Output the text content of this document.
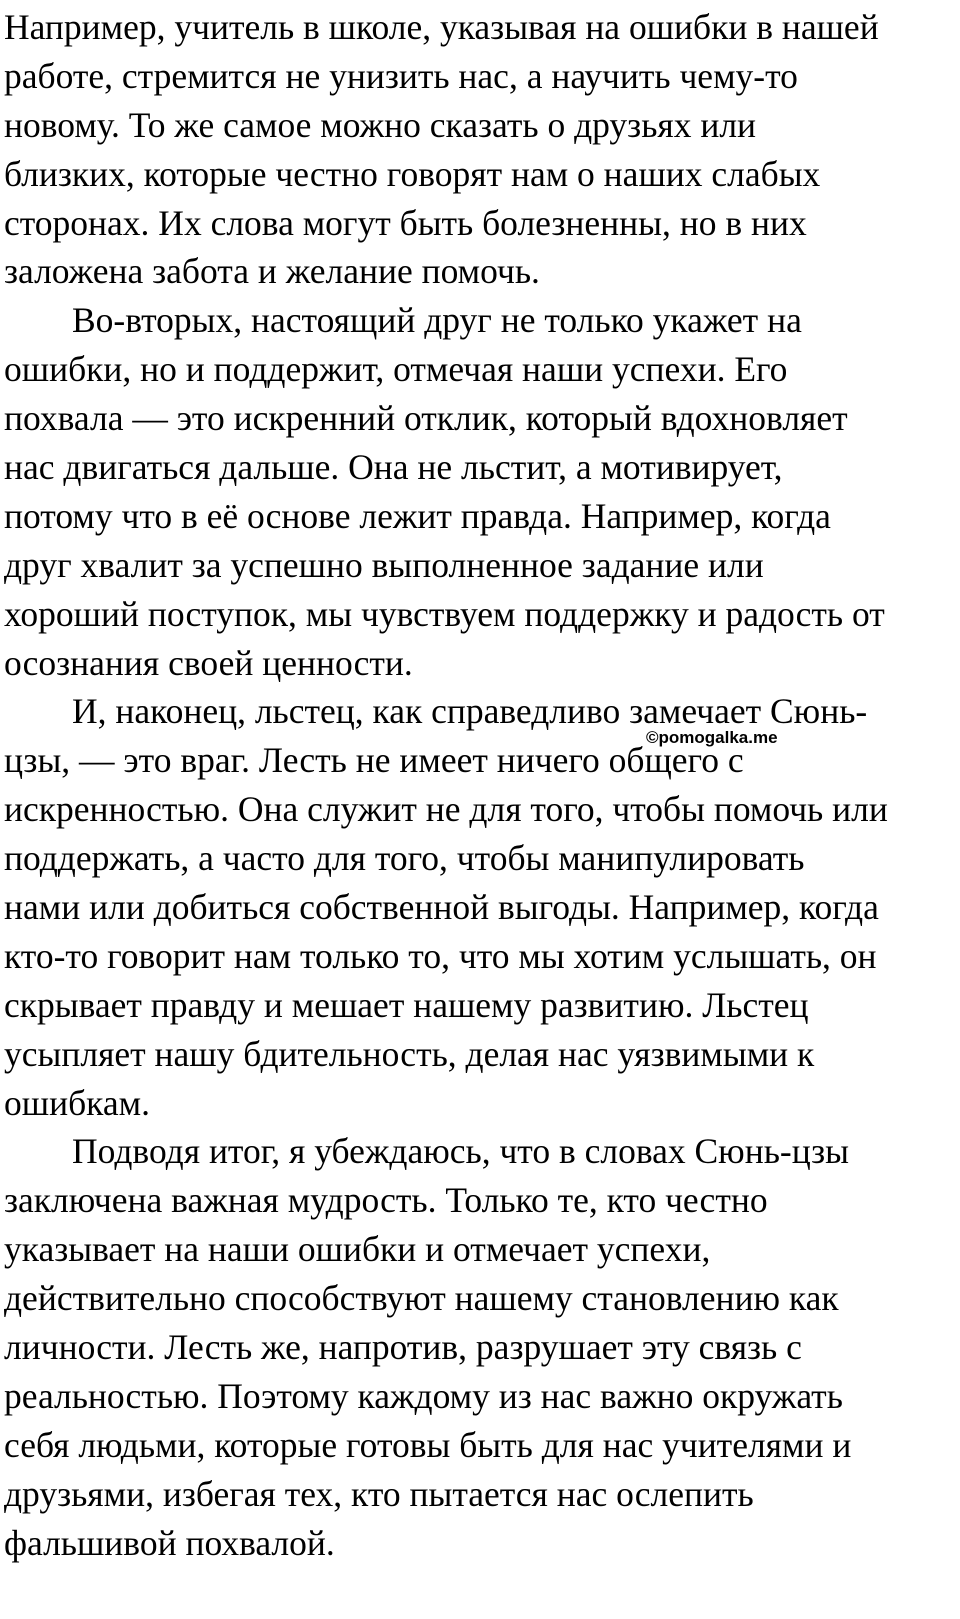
Например, учитель в школе, указывая на ошибки в нашей
работе, стремится не унизить нас, а научить чему-то
новому. То же самое можно сказать о друзьях или
близких, которые честно говорят нам о наших слабых
сторонах. Их слова могут быть болезненны, но в них
заложена забота и желание помочь.
Во-вторых, настоящий друг не только укажет на
ошибки, но и поддержит, отмечая наши успехи. Его
похвала — это искренний отклик, который вдохновляет
нас двигаться дальше. Она не льстит, а мотивирует,
потому что в её основе лежит правда. Например, когда
друг хвалит за успешно выполненное задание или
хороший поступок, мы чувствуем поддержку и радость от
осознания своей ценности.
И, наконец, льстец, как справедливо замечает Сюнь-
цзы, — это враг. Лесть не имеет ничего общего с
искренностью. Она служит не для того, чтобы помочь или
поддержать, а часто для того, чтобы манипулировать
нами или добиться собственной выгоды. Например, когда
кто-то говорит нам только то, что мы хотим услышать, он
скрывает правду и мешает нашему развитию. Льстец
усыпляет нашу бдительность, делая нас уязвимыми к
ошибкам.
Подводя итог, я убеждаюсь, что в словах Сюнь-цзы
заключена важная мудрость. Только те, кто честно
указывает на наши ошибки и отмечает успехи,
действительно способствуют нашему становлению как
личности. Лесть же, напротив, разрушает эту связь с
реальностью. Поэтому каждому из нас важно окружать
себя людьми, которые готовы быть для нас учителями и
друзьями, избегая тех, кто пытается нас ослепить
фальшивой похвалой.
©pomogalka.me
